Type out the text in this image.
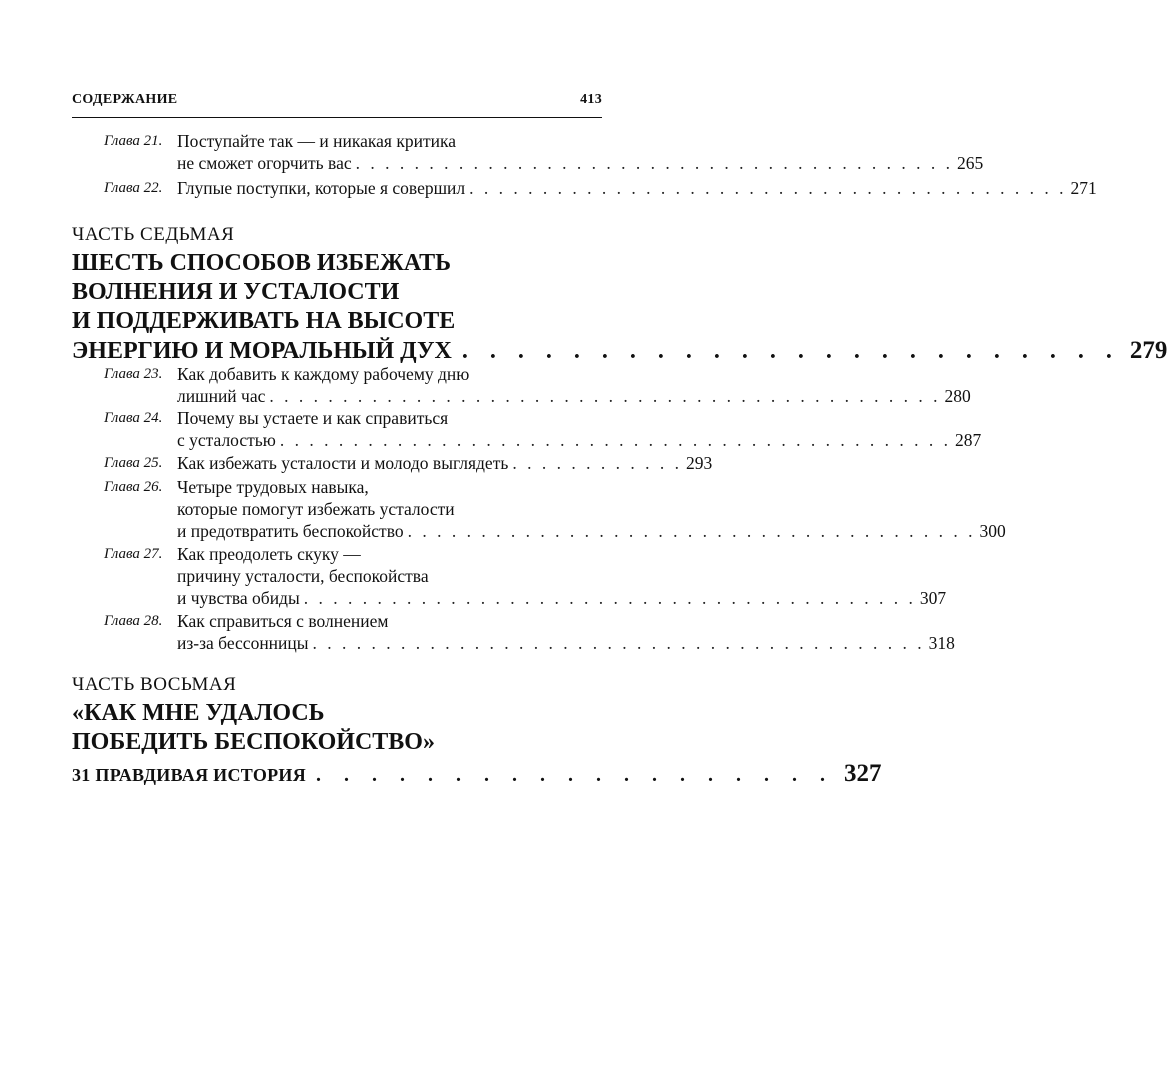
СОДЕРЖАНИЕ	413
Глава 21. Поступайте так — и никакая критика
не сможет огорчить вас . . . . . . . . . . . . . . . . . . . . . . . . . . . . . . . . . . . . . . . . . 265
Глава 22. Глупые поступки, которые я совершил . . . . . . . . . . . . . . . . . . . . . . . . . . . . . . . . . . . . . . . . . 271
ЧАСТЬ СЕДЬМАЯ
ШЕСТЬ СПОСОБОВ ИЗБЕЖАТЬ
ВОЛНЕНИЯ И УСТАЛОСТИ
И ПОДДЕРЖИВАТЬ НА ВЫСОТЕ
ЭНЕРГИЮ И МОРАЛЬНЫЙ ДУХ . . . . . . . . . . . . . . . . . . . . . . . . 279
Глава 23. Как добавить к каждому рабочему дню
лишний час . . . . . . . . . . . . . . . . . . . . . . . . . . . . . . . . . . . . . . . . . . . . . . 280
Глава 24. Почему вы устаете и как справиться
с усталостью . . . . . . . . . . . . . . . . . . . . . . . . . . . . . . . . . . . . . . . . . . . . . . 287
Глава 25. Как избежать усталости и молодо выглядеть . . . . . . . . . . . . 293
Глава 26. Четыре трудовых навыка,
которые помогут избежать усталости
и предотвратить беспокойство . . . . . . . . . . . . . . . . . . . . . . . . . . . . . . . . . . . . . . . 300
Глава 27. Как преодолеть скуку —
причину усталости, беспокойства
и чувства обиды . . . . . . . . . . . . . . . . . . . . . . . . . . . . . . . . . . . . . . . . . . 307
Глава 28. Как справиться с волнением
из-за бессонницы . . . . . . . . . . . . . . . . . . . . . . . . . . . . . . . . . . . . . . . . . . 318
ЧАСТЬ ВОСЬМАЯ
«КАК МНЕ УДАЛОСЬ
ПОБЕДИТЬ БЕСПОКОЙСТВО»
31 ПРАВДИВАЯ ИСТОРИЯ . . . . . . . . . . . . . . . . . . . 327
